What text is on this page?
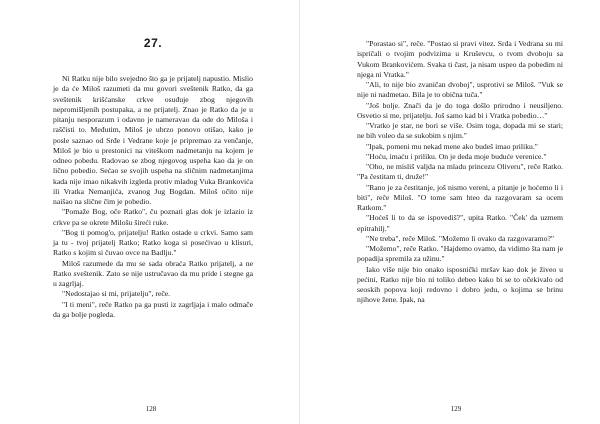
27.

Ni Ratku nije bilo svejedno što ga je prijatelj napustio. Mislio je da će Miloš razumeti da mu govori sveštenik Ratko, da ga sveštenik krišćanske crkve osuđuje zbog njegovih nepromišljenih postupaka, a ne prijatelj. Znao je Ratko da je u pitanju nesporazum i odavno je nameravao da ode do Miloša i raščisti to. Međutim, Miloš je ubrzo ponovo otišao, kako je posle saznao od Srđe i Vedrane koje je pripremao za venčanje, Miloš je bio u prestonici na viteškom nadmetanju na kojem je odneo pobedu. Radovao se zbog njegovog uspeha kao da je on lično pobedio. Sećao se svojih uspeha na sličnim nadmetanjima kada nije imao nikakvih izgleda protiv mladog Vuka Brankovića ili Vratka Nemanjića, zvanog Jug Bogdan. Miloš očito nije naišao na slične čim je pobedio.

"Pomaže Bog, oče Ratko", ču poznati glas dok je izlazio iz crkve pa se okrete Milošu šireći ruke.

"Bog ti pomog'o, prijatelju! Ratko ostade u crkvi. Samo sam ja tu - tvoj prijatelj Ratko; Ratko koga si posećivao u klisuri, Ratko s kojim si čuvao ovce na Badlju."

Miloš razumede da mu se sada obraća Ratko prijatelj, a ne Ratko sveštenik. Zato se nije ustručavao da mu pride i stegne ga u zagrljaj.

"Nedostajao si mi, prijatelju", reče.

"I ti meni", reče Ratko pa ga pusti iz zagrljaja i malo odmače da ga bolje pogleda.

128

"Porastao si", reče. "Postao si pravi vitez. Srđa i Vedrana su mi ispričali o tvojim podvizima u Kruševcu, o tvom dvoboju sa Vukom Brankovićem. Svaka ti čast, ja nisam uspeo da pobedim ni njega ni Vratka."

"Ali, to nije bio zvaničan dvoboj", usprotivi se Miloš. "Vuk se nije ni nadmetao. Bila je to obična tuča."

"Još bolje. Znači da je do toga došlo prirodno i neusiljeno. Osvetio si me, prijatelju. Još samo kad bi i Vratka pobedio…"

"Vratko je star, ne bori se više. Osim toga, dopada mi se stari; ne bih voleo da se sukobim s njim."

"Ipak, pomeni mu nekad mene ako budeš imao priliku."

"Hoću, imaću i priliku. On je deda moje buduće verenice."

"Oho, ne misliš valjda na mladu princezu Oliveru", reče Ratko. "Pa čestitam ti, druže!"

"Rano je za čestitanje, još nismo vereni, a pitanje je hoćemo li i biti", reče Miloš. "O tome sam hteo da razgovaram sa ocem Ratkom."

"Hoćeš li to da se ispovediš?", upita Ratko. "Ček' da uzmem epitrahilj."

"Ne treba", reče Miloš. "Možemo li ovako da razgovaramo?"

"Možemo", reče Ratko. "Hajdemo ovamo, da vidimo šta nam je popadija spremila za užinu."

Iako više nije bio onako isposnički mršav kao dok je živeo u pećini, Ratko nije bio ni toliko debeo kako bi se to očekivalo od seoskih popova koji redovno i dobro jedu, o kojima se brinu njihove žene. Ipak, na

129
